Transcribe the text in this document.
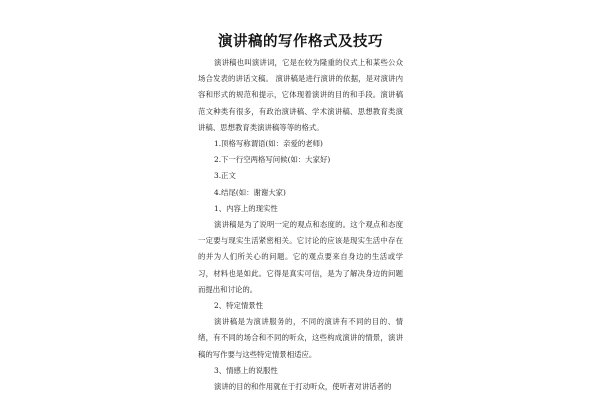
演讲稿的写作格式及技巧

演讲稿也叫演讲词，它是在较为隆重的仪式上和某些公众场合发表的讲话文稿。 演讲稿是进行演讲的依据，是对演讲内容和形式的规范和提示，它体现着演讲的目的和手段。演讲稿范文种类有很多，有政治演讲稿、学术演讲稿、思想教育类演讲稿、思想教育类演讲稿等等的格式。

1.顶格写称谓语(如：亲爱的老师)

2.下一行空两格写问候(如：大家好)

3.正文

4.结尾(如：谢谢大家)

1、内容上的现实性

演讲稿是为了说明一定的观点和态度的。这个观点和态度一定要与现实生活紧密相关。它讨论的应该是现实生活中存在的并为人们所关心的问题。它的观点要来自身边的生活或学习，材料也是如此。它得是真实可信，是为了解决身边的问题而提出和讨论的。

2、特定情景性

演讲稿是为演讲服务的，不同的演讲有不同的目的、情绪，有不同的场合和不同的听众，这些构成演讲的情景，演讲稿的写作要与这些特定情景相适应。

3、情感上的说服性

演讲的目的和作用就在于打动听众，使听者对讲话者的
